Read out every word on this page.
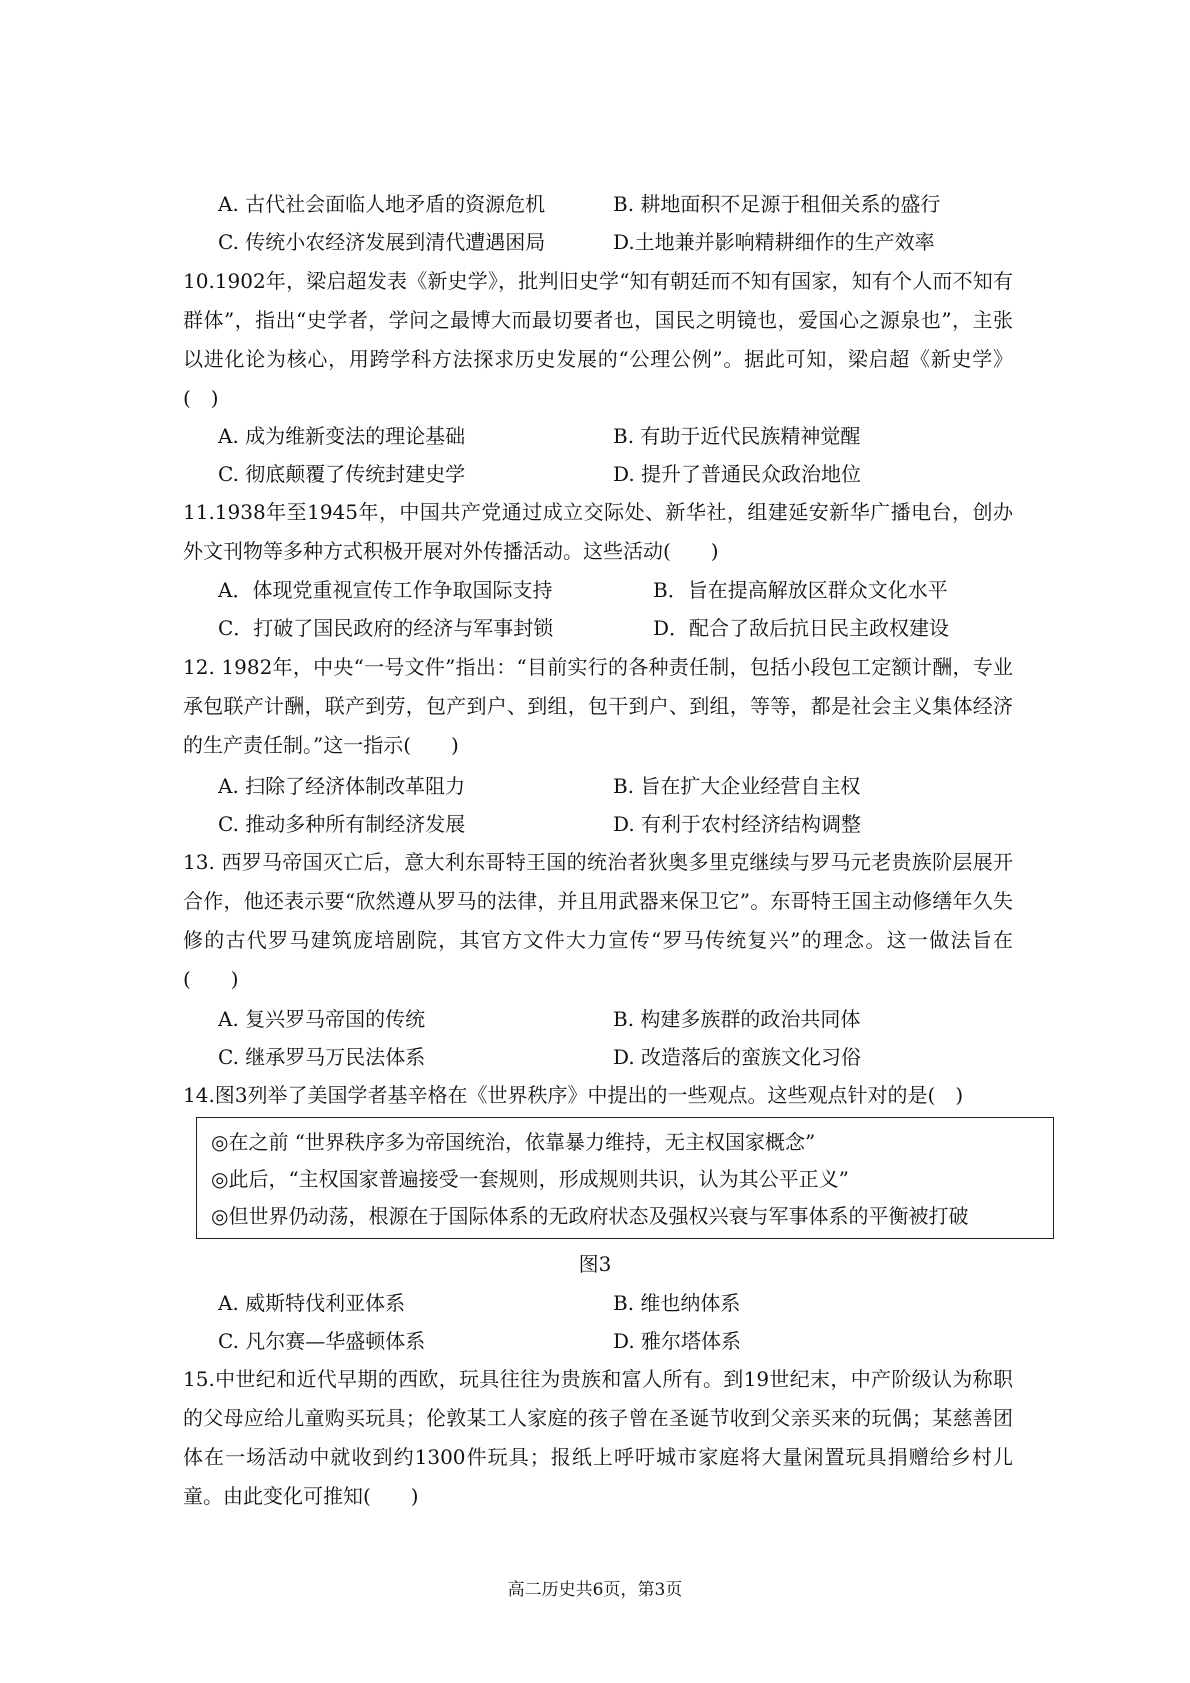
A. 古代社会面临人地矛盾的资源危机	B. 耕地面积不足源于租佃关系的盛行
C. 传统小农经济发展到清代遭遇困局	D.土地兼并影响精耕细作的生产效率

10.1902年，梁启超发表《新史学》，批判旧史学“知有朝廷而不知有国家，知有个人而不知有群体”，指出“史学者，学问之最博大而最切要者也，国民之明镜也，爱国心之源泉也”，主张以进化论为核心，用跨学科方法探求历史发展的“公理公例”。据此可知，梁启超《新史学》(　)

A. 成为维新变法的理论基础	B. 有助于近代民族精神觉醒
C. 彻底颠覆了传统封建史学	D. 提升了普通民众政治地位

11.1938年至1945年，中国共产党通过成立交际处、新华社，组建延安新华广播电台，创办外文刊物等多种方式积极开展对外传播活动。这些活动(　　)

A．体现党重视宣传工作争取国际支持	B．旨在提高解放区群众文化水平
C．打破了国民政府的经济与军事封锁	D．配合了敌后抗日民主政权建设

12. 1982年，中央“一号文件”指出：“目前实行的各种责任制，包括小段包工定额计酬，专业承包联产计酬，联产到劳，包产到户、到组，包干到户、到组，等等，都是社会主义集体经济的生产责任制。”这一指示(　　)

A. 扫除了经济体制改革阻力	B. 旨在扩大企业经营自主权
C. 推动多种所有制经济发展	D. 有利于农村经济结构调整

13. 西罗马帝国灭亡后，意大利东哥特王国的统治者狄奥多里克继续与罗马元老贵族阶层展开合作，他还表示要“欣然遵从罗马的法律，并且用武器来保卫它”。东哥特王国主动修缮年久失修的古代罗马建筑庞培剧院，其官方文件大力宣传“罗马传统复兴”的理念。这一做法旨在(　　)

A. 复兴罗马帝国的传统	B. 构建多族群的政治共同体
C. 继承罗马万民法体系	D. 改造落后的蛮族文化习俗

14.图3列举了美国学者基辛格在《世界秩序》中提出的一些观点。这些观点针对的是(　)

◎在之前 “世界秩序多为帝国统治，依靠暴力维持，无主权国家概念”
◎此后，“主权国家普遍接受一套规则，形成规则共识，认为其公平正义”
◎但世界仍动荡，根源在于国际体系的无政府状态及强权兴衰与军事体系的平衡被打破
图3
A. 威斯特伐利亚体系	B. 维也纳体系
C. 凡尔赛—华盛顿体系	D. 雅尔塔体系

15.中世纪和近代早期的西欧，玩具往往为贵族和富人所有。到19世纪末，中产阶级认为称职的父母应给儿童购买玩具；伦敦某工人家庭的孩子曾在圣诞节收到父亲买来的玩偶；某慈善团体在一场活动中就收到约1300件玩具；报纸上呼吁城市家庭将大量闲置玩具捐赠给乡村儿童。由此变化可推知(　　)

高二历史共6页，第3页
